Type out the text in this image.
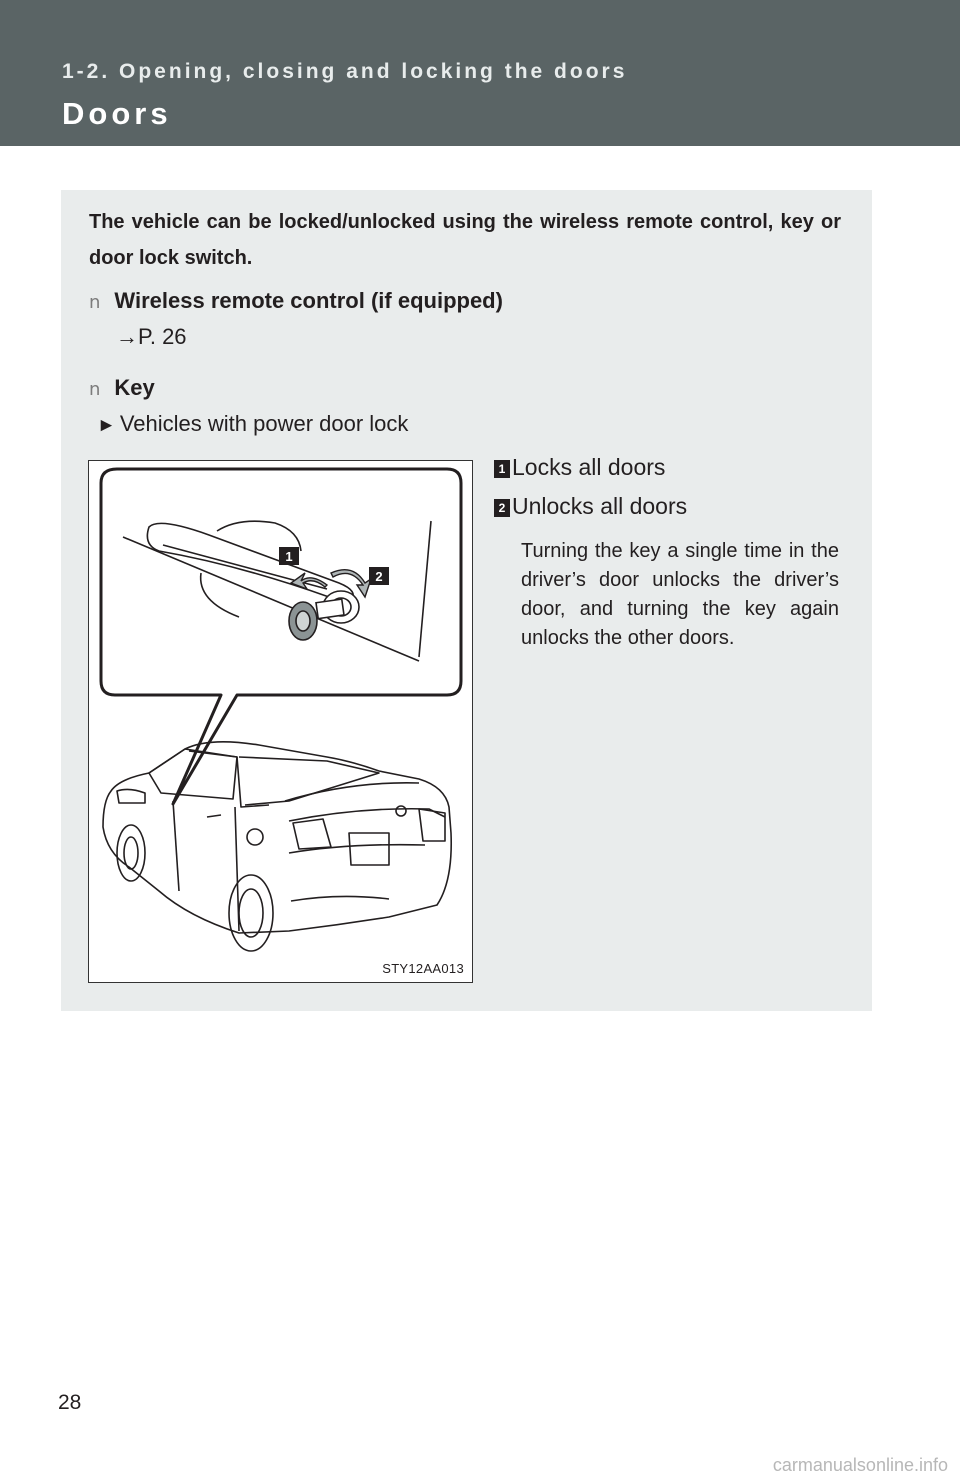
1-2. Opening, closing and locking the doors
Doors

The vehicle can be locked/unlocked using the wireless remote control, key or door lock switch.

n Wireless remote control (if equipped)

→P. 26

n Key

► Vehicles with power door lock

1
2

STY12AA013

1 Locks all doors

2 Unlocks all doors

Turning the key a single time in the driver’s door unlocks the driver’s door, and turning the key again unlocks the other doors.

28

carmanualsonline.info
